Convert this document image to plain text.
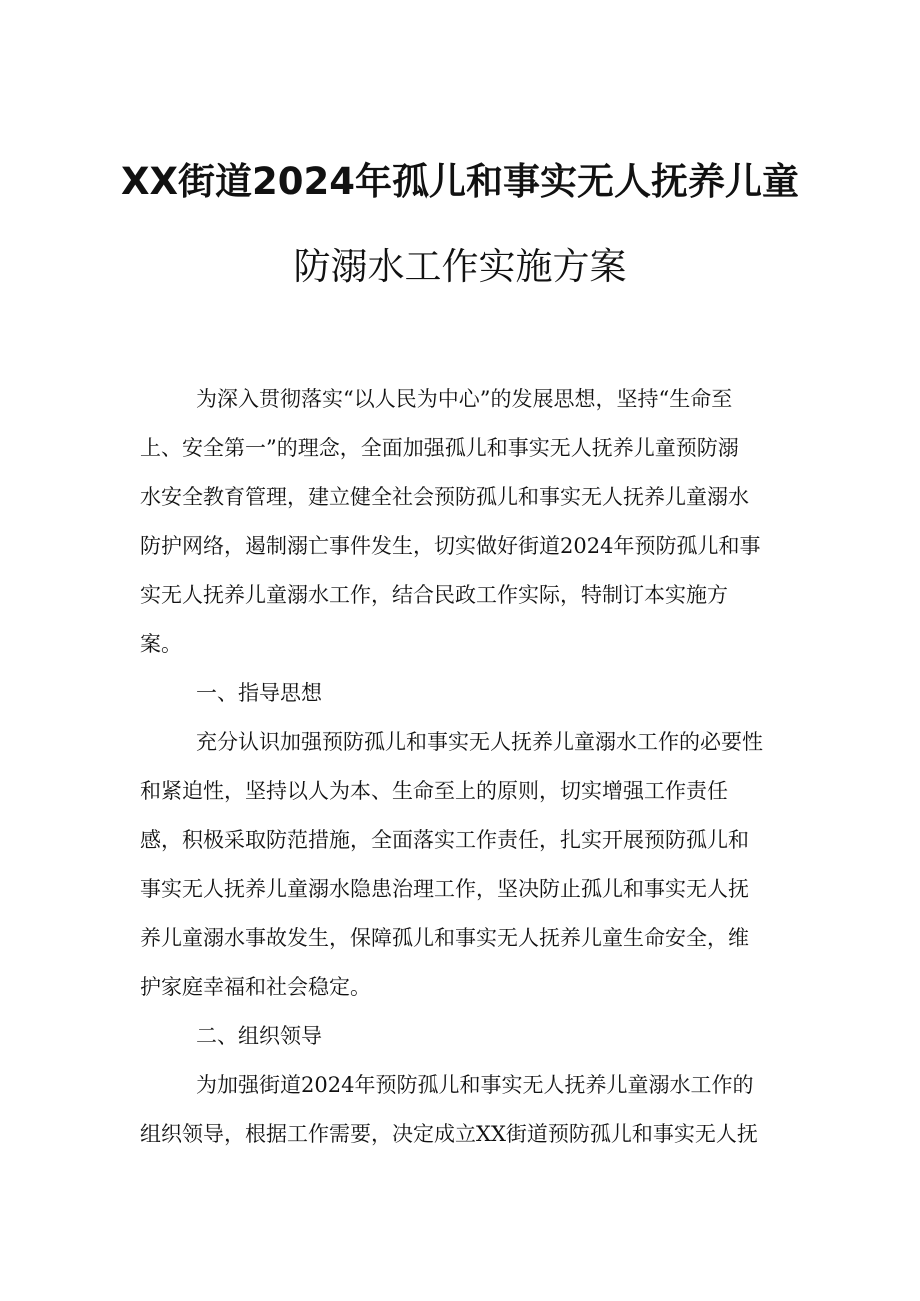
XX街道2024年孤儿和事实无人抚养儿童
防溺水工作实施方案
为深入贯彻落实“以人民为中心”的发展思想，坚持“生命至
上、安全第一”的理念，全面加强孤儿和事实无人抚养儿童预防溺
水安全教育管理，建立健全社会预防孤儿和事实无人抚养儿童溺水
防护网络，遏制溺亡事件发生，切实做好街道2024年预防孤儿和事
实无人抚养儿童溺水工作，结合民政工作实际，特制订本实施方
案。
一、指导思想
充分认识加强预防孤儿和事实无人抚养儿童溺水工作的必要性
和紧迫性，坚持以人为本、生命至上的原则，切实增强工作责任
感，积极采取防范措施，全面落实工作责任，扎实开展预防孤儿和
事实无人抚养儿童溺水隐患治理工作，坚决防止孤儿和事实无人抚
养儿童溺水事故发生，保障孤儿和事实无人抚养儿童生命安全，维
护家庭幸福和社会稳定。
二、组织领导
为加强街道2024年预防孤儿和事实无人抚养儿童溺水工作的
组织领导，根据工作需要，决定成立XX街道预防孤儿和事实无人抚
